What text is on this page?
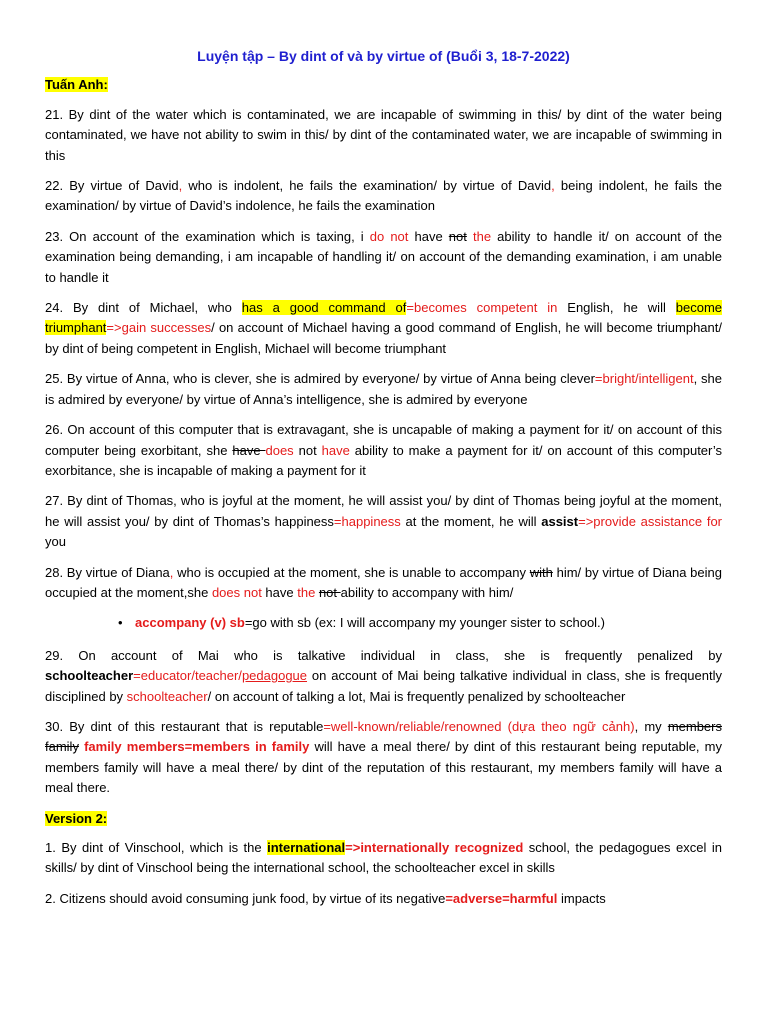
Luyện tập – By dint of và by virtue of (Buổi 3, 18-7-2022)
Tuấn Anh:
21. By dint of the water which is contaminated, we are incapable of swimming in this/ by dint of the water being contaminated, we have not ability to swim in this/ by dint of the contaminated water, we are incapable of swimming in this
22. By virtue of David, who is indolent, he fails the examination/ by virtue of David, being indolent, he fails the examination/ by virtue of David’s indolence, he fails the examination
23. On account of the examination which is taxing, i do not have not the ability to handle it/ on account of the examination being demanding, i am incapable of handling it/ on account of the demanding examination, i am unable to handle it
24. By dint of Michael, who has a good command of=becomes competent in English, he will become triumphant=>gain successes/ on account of Michael having a good command of English, he will become triumphant/ by dint of being competent in English, Michael will become triumphant
25. By virtue of Anna, who is clever, she is admired by everyone/ by virtue of Anna being clever=bright/intelligent, she is admired by everyone/ by virtue of Anna’s intelligence, she is admired by everyone
26. On account of this computer that is extravagant, she is uncapable of making a payment for it/ on account of this computer being exorbitant, she have does not have ability to make a payment for it/ on account of this computer’s exorbitance, she is incapable of making a payment for it
27. By dint of Thomas, who is joyful at the moment, he will assist you/ by dint of Thomas being joyful at the moment, he will assist you/ by dint of Thomas’s happiness=happiness at the moment, he will assist=>provide assistance for you
28. By virtue of Diana, who is occupied at the moment, she is unable to accompany with him/ by virtue of Diana being occupied at the moment,she does not have the not ability to accompany with him/
• accompany (v) sb=go with sb (ex: I will accompany my younger sister to school.)
29. On account of Mai who is talkative individual in class, she is frequently penalized by schoolteacher=educator/teacher/pedagogue on account of Mai being talkative individual in class, she is frequently disciplined by schoolteacher/ on account of talking a lot, Mai is frequently penalized by schoolteacher
30. By dint of this restaurant that is reputable=well-known/reliable/renowned (dựa theo ngữ cảnh), my members family family members=members in family will have a meal there/ by dint of this restaurant being reputable, my members family will have a meal there/ by dint of the reputation of this restaurant, my members family will have a meal there.
Version 2:
1. By dint of Vinschool, which is the international=>internationally recognized school, the pedagogues excel in skills/ by dint of Vinschool being the international school, the schoolteacher excel in skills
2. Citizens should avoid consuming junk food, by virtue of its negative=adverse=harmful impacts
